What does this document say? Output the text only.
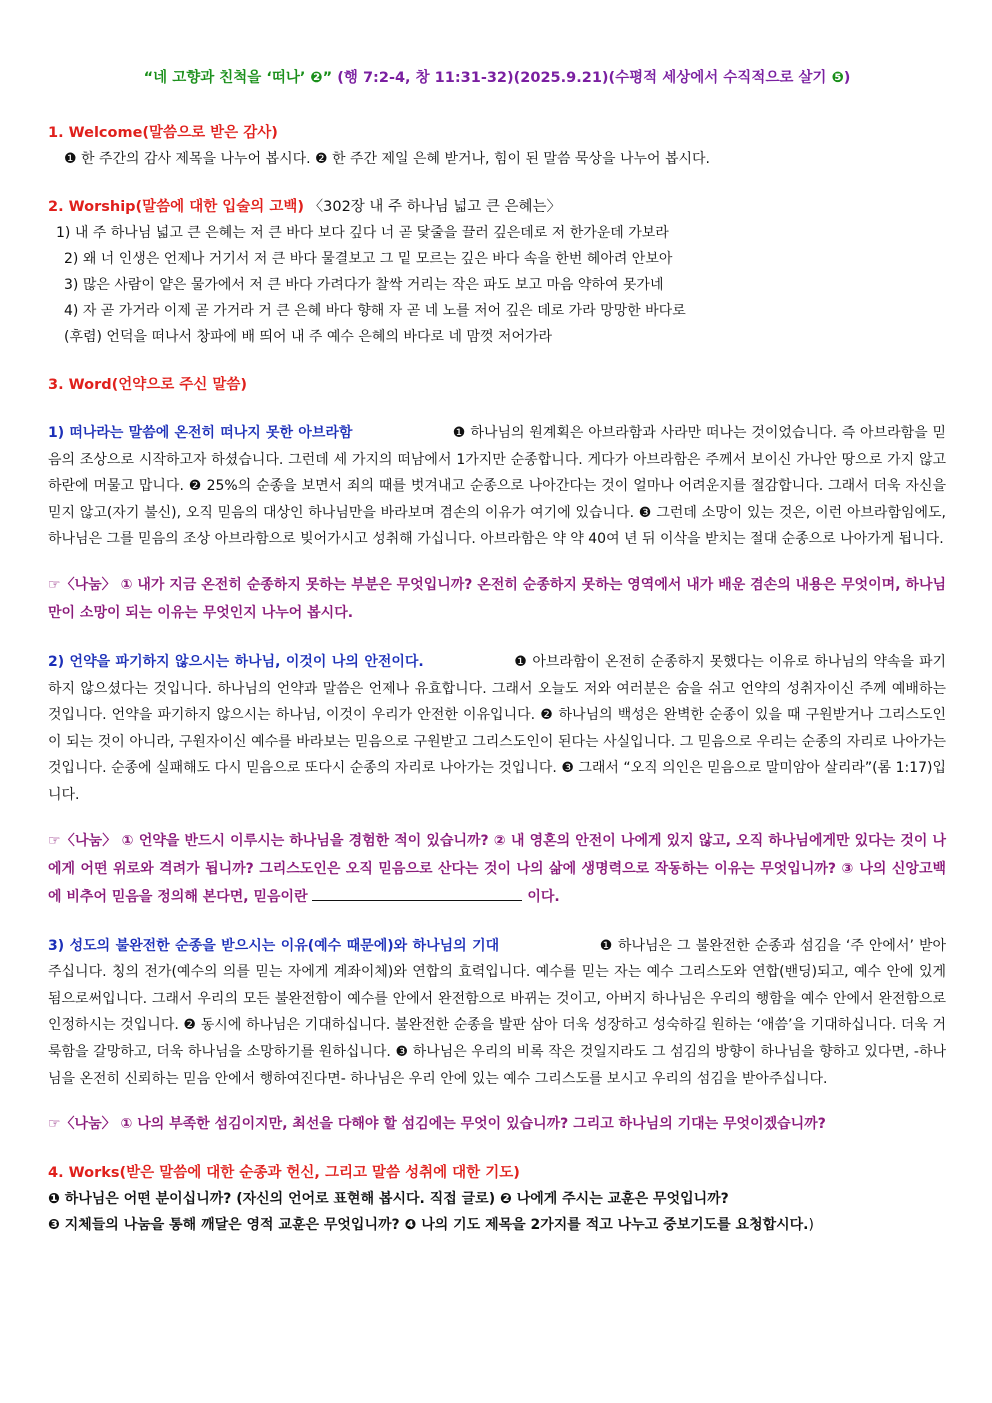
“네 고향과 친척을 ‘떠나’ ❷” (행 7:2-4, 창 11:31-32)(2025.9.21)(수평적 세상에서 수직적으로 살기 ❺)

1. Welcome(말씀으로 받은 감사)

❶ 한 주간의 감사 제목을 나누어 봅시다. ❷ 한 주간 제일 은혜 받거나, 힘이 된 말씀 묵상을 나누어 봅시다.

2. Worship(말씀에 대한 입술의 고백) 〈302장 내 주 하나님 넓고 큰 은혜는〉

1) 내 주 하나님 넓고 큰 은혜는 저 큰 바다 보다 깊다 너 곧 닻줄을 끌러 깊은데로 저 한가운데 가보라

2) 왜 너 인생은 언제나 거기서 저 큰 바다 물결보고 그 밑 모르는 깊은 바다 속을 한번 헤아려 안보아

3) 많은 사람이 얕은 물가에서 저 큰 바다 가려다가 찰싹 거리는 작은 파도 보고 마음 약하여 못가네

4) 자 곧 가거라 이제 곧 가거라 거 큰 은혜 바다 향해 자 곧 네 노를 저어 깊은 데로 가라 망망한 바다로

(후렴) 언덕을 떠나서 창파에 배 띄어 내 주 예수 은혜의 바다로 네 맘껏 저어가라

3. Word(언약으로 주신 말씀)

1) 떠나라는 말씀에 온전히 떠나지 못한 아브라함	❶ 하나님의 원계획은 아브라함과 사라만 떠나는 것이었습니다. 즉 아브라함을 믿음의 조상으로 시작하고자 하셨습니다. 그런데 세 가지의 떠남에서 1가지만 순종합니다. 게다가 아브라함은 주께서 보이신 가나안 땅으로 가지 않고 하란에 머물고 맙니다. ❷ 25%의 순종을 보면서 죄의 때를 벗겨내고 순종으로 나아간다는 것이 얼마나 어려운지를 절감합니다. 그래서 더욱 자신을 믿지 않고(자기 불신), 오직 믿음의 대상인 하나님만을 바라보며 겸손의 이유가 여기에 있습니다. ❸ 그런데 소망이 있는 것은, 이런 아브라함임에도, 하나님은 그를 믿음의 조상 아브라함으로 빚어가시고 성취해 가십니다. 아브라함은 약 약 40여 년 뒤 이삭을 받치는 절대 순종으로 나아가게 됩니다.

☞〈나눔〉 ① 내가 지금 온전히 순종하지 못하는 부분은 무엇입니까? 온전히 순종하지 못하는 영역에서 내가 배운 겸손의 내용은 무엇이며, 하나님만이 소망이 되는 이유는 무엇인지 나누어 봅시다.

2) 언약을 파기하지 않으시는 하나님, 이것이 나의 안전이다.	❶ 아브라함이 온전히 순종하지 못했다는 이유로 하나님의 약속을 파기하지 않으셨다는 것입니다. 하나님의 언약과 말씀은 언제나 유효합니다. 그래서 오늘도 저와 여러분은 숨을 쉬고 언약의 성취자이신 주께 예배하는 것입니다. 언약을 파기하지 않으시는 하나님, 이것이 우리가 안전한 이유입니다. ❷ 하나님의 백성은 완벽한 순종이 있을 때 구원받거나 그리스도인이 되는 것이 아니라, 구원자이신 예수를 바라보는 믿음으로 구원받고 그리스도인이 된다는 사실입니다. 그 믿음으로 우리는 순종의 자리로 나아가는 것입니다. 순종에 실패해도 다시 믿음으로 또다시 순종의 자리로 나아가는 것입니다. ❸ 그래서 “오직 의인은 믿음으로 말미암아 살리라”(롬 1:17)입니다.

☞〈나눔〉 ① 언약을 반드시 이루시는 하나님을 경험한 적이 있습니까? ② 내 영혼의 안전이 나에게 있지 않고, 오직 하나님에게만 있다는 것이 나에게 어떤 위로와 격려가 됩니까? 그리스도인은 오직 믿음으로 산다는 것이 나의 삶에 생명력으로 작동하는 이유는 무엇입니까? ③ 나의 신앙고백에 비추어 믿음을 정의해 본다면, 믿음이란	이다.

3) 성도의 불완전한 순종을 받으시는 이유(예수 때문에)와 하나님의 기대	❶ 하나님은 그 불완전한 순종과 섬김을 ‘주 안에서’ 받아주십니다. 칭의 전가(예수의 의를 믿는 자에게 계좌이체)와 연합의 효력입니다. 예수를 믿는 자는 예수 그리스도와 연합(밴딩)되고, 예수 안에 있게 됨으로써입니다. 그래서 우리의 모든 불완전함이 예수를 안에서 완전함으로 바뀌는 것이고, 아버지 하나님은 우리의 행함을 예수 안에서 완전함으로 인정하시는 것입니다. ❷ 동시에 하나님은 기대하십니다. 불완전한 순종을 발판 삼아 더욱 성장하고 성숙하길 원하는 ‘애씀’을 기대하십니다. 더욱 거룩함을 갈망하고, 더욱 하나님을 소망하기를 원하십니다. ❸ 하나님은 우리의 비록 작은 것일지라도 그 섬김의 방향이 하나님을 향하고 있다면, -하나님을 온전히 신뢰하는 믿음 안에서 행하여진다면- 하나님은 우리 안에 있는 예수 그리스도를 보시고 우리의 섬김을 받아주십니다.

☞〈나눔〉 ① 나의 부족한 섬김이지만, 최선을 다해야 할 섬김에는 무엇이 있습니까? 그리고 하나님의 기대는 무엇이겠습니까?

4. Works(받은 말씀에 대한 순종과 헌신, 그리고 말씀 성취에 대한 기도)

❶ 하나님은 어떤 분이십니까? (자신의 언어로 표현해 봅시다. 직접 글로) ❷ 나에게 주시는 교훈은 무엇입니까?

❸ 지체들의 나눔을 통해 깨달은 영적 교훈은 무엇입니까? ❹ 나의 기도 제목을 2가지를 적고 나누고 중보기도를 요청합시다.)
